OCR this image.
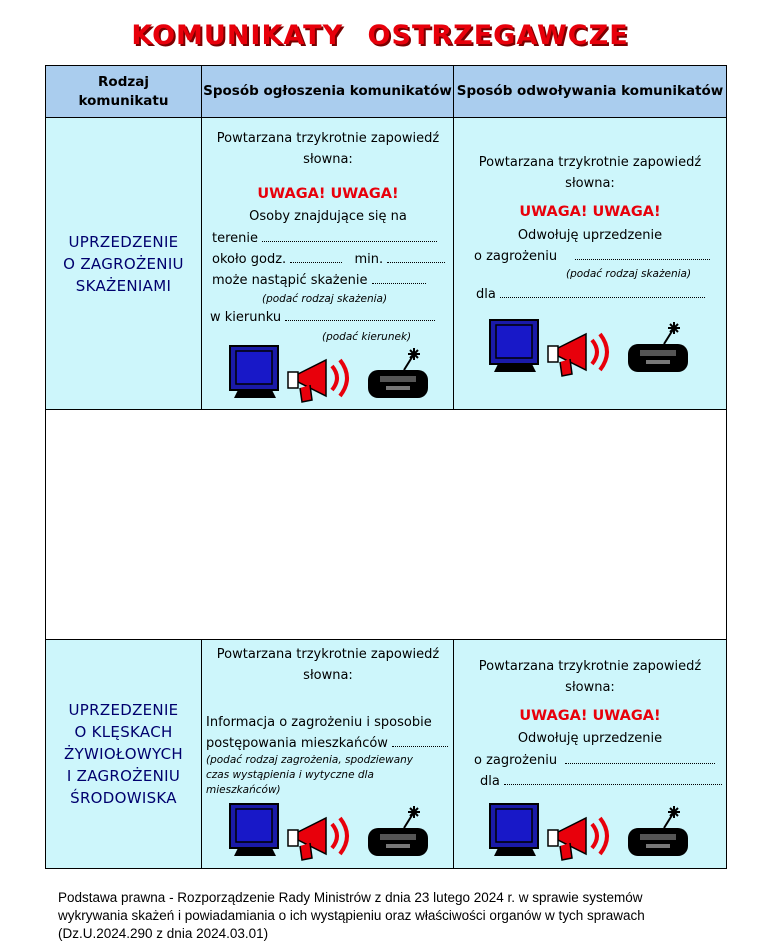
KOMUNIKATY OSTRZEGAWCZE
Rodzaj komunikatu
Sposób ogłoszenia komunikatów Sposób odwoływania komunikatów
UPRZEDZENIE
O ZAGROŻENIU
SKAŻENIAMI
Powtarzana trzykrotnie zapowiedź
słowna:
UWAGA! UWAGA!
Osoby znajdujące się na
terenie
około godz.	min.
może nastąpić skażenie
(podać rodzaj skażenia)
w kierunku
(podać kierunek)
Powtarzana trzykrotnie zapowiedź
słowna:
UWAGA! UWAGA!
Odwołuję uprzedzenie
o zagrożeniu
(podać rodzaj skażenia)
dla
UPRZEDZENIE
O KLĘSKACH
ŻYWIOŁOWYCH
I ZAGROŻENIU
ŚRODOWISKA
Powtarzana trzykrotnie zapowiedź
słowna:
Informacja o zagrożeniu i sposobie
postępowania mieszkańców
(podać rodzaj zagrożenia, spodziewany
czas wystąpienia i wytyczne dla
mieszkańców)
Powtarzana trzykrotnie zapowiedź
słowna:
UWAGA! UWAGA!
Odwołuję uprzedzenie
o zagrożeniu
dla
Podstawa prawna - Rozporządzenie Rady Ministrów z dnia 23 lutego 2024 r. w sprawie systemów
wykrywania skażeń i powiadamiania o ich wystąpieniu oraz właściwości organów w tych sprawach
(Dz.U.2024.290 z dnia 2024.03.01)
